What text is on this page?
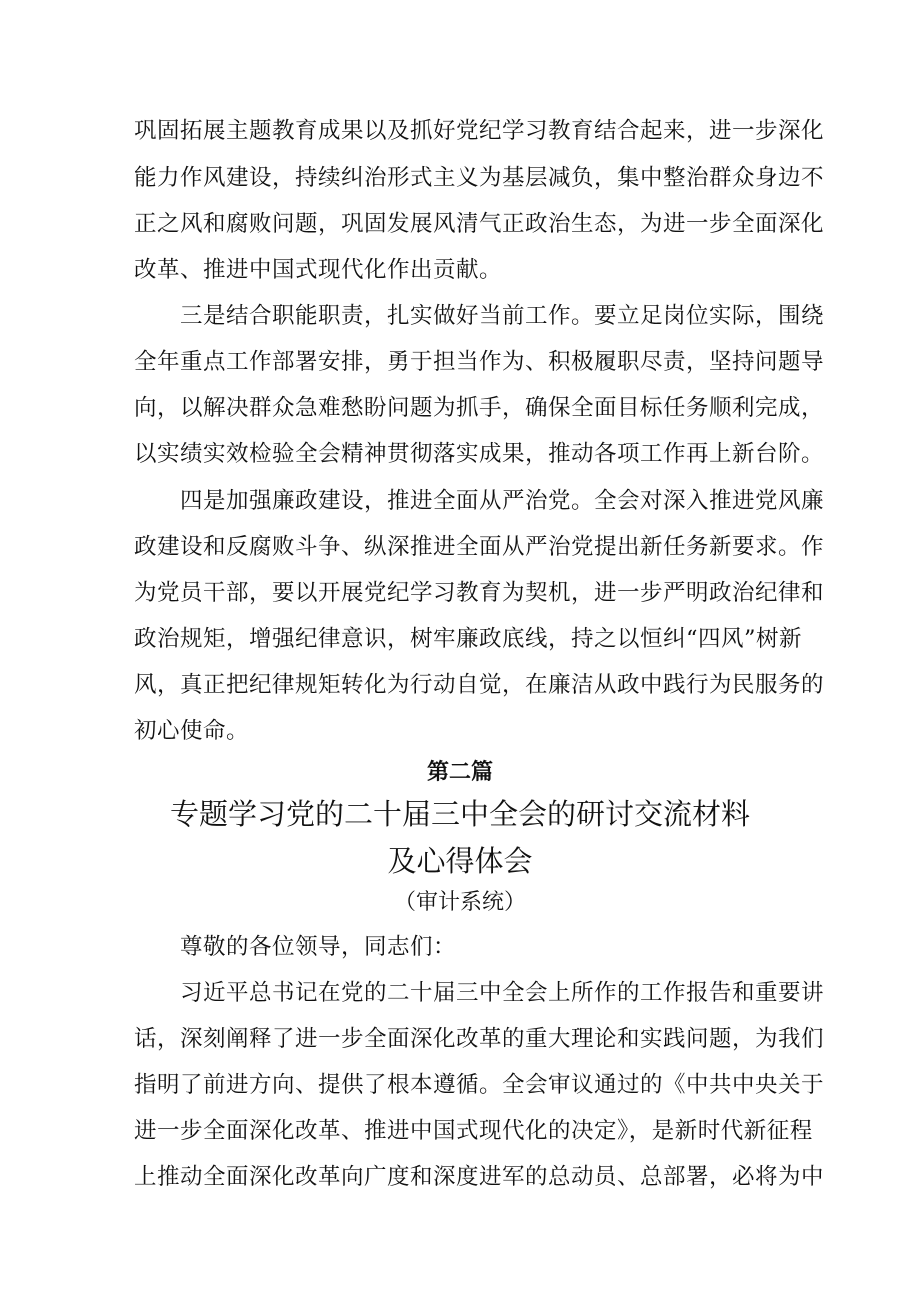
巩固拓展主题教育成果以及抓好党纪学习教育结合起来，进一步深化
能力作风建设，持续纠治形式主义为基层减负，集中整治群众身边不
正之风和腐败问题，巩固发展风清气正政治生态，为进一步全面深化
改革、推进中国式现代化作出贡献。
三是结合职能职责，扎实做好当前工作。要立足岗位实际，围绕
全年重点工作部署安排，勇于担当作为、积极履职尽责，坚持问题导
向，以解决群众急难愁盼问题为抓手，确保全面目标任务顺利完成，
以实绩实效检验全会精神贯彻落实成果，推动各项工作再上新台阶。
四是加强廉政建设，推进全面从严治党。全会对深入推进党风廉
政建设和反腐败斗争、纵深推进全面从严治党提出新任务新要求。作
为党员干部，要以开展党纪学习教育为契机，进一步严明政治纪律和
政治规矩，增强纪律意识，树牢廉政底线，持之以恒纠“四风”树新
风，真正把纪律规矩转化为行动自觉，在廉洁从政中践行为民服务的
初心使命。
第二篇
专题学习党的二十届三中全会的研讨交流材料
及心得体会
（审计系统）
尊敬的各位领导，同志们：
习近平总书记在党的二十届三中全会上所作的工作报告和重要讲
话，深刻阐释了进一步全面深化改革的重大理论和实践问题，为我们
指明了前进方向、提供了根本遵循。全会审议通过的《中共中央关于
进一步全面深化改革、推进中国式现代化的决定》，是新时代新征程
上推动全面深化改革向广度和深度进军的总动员、总部署，必将为中
